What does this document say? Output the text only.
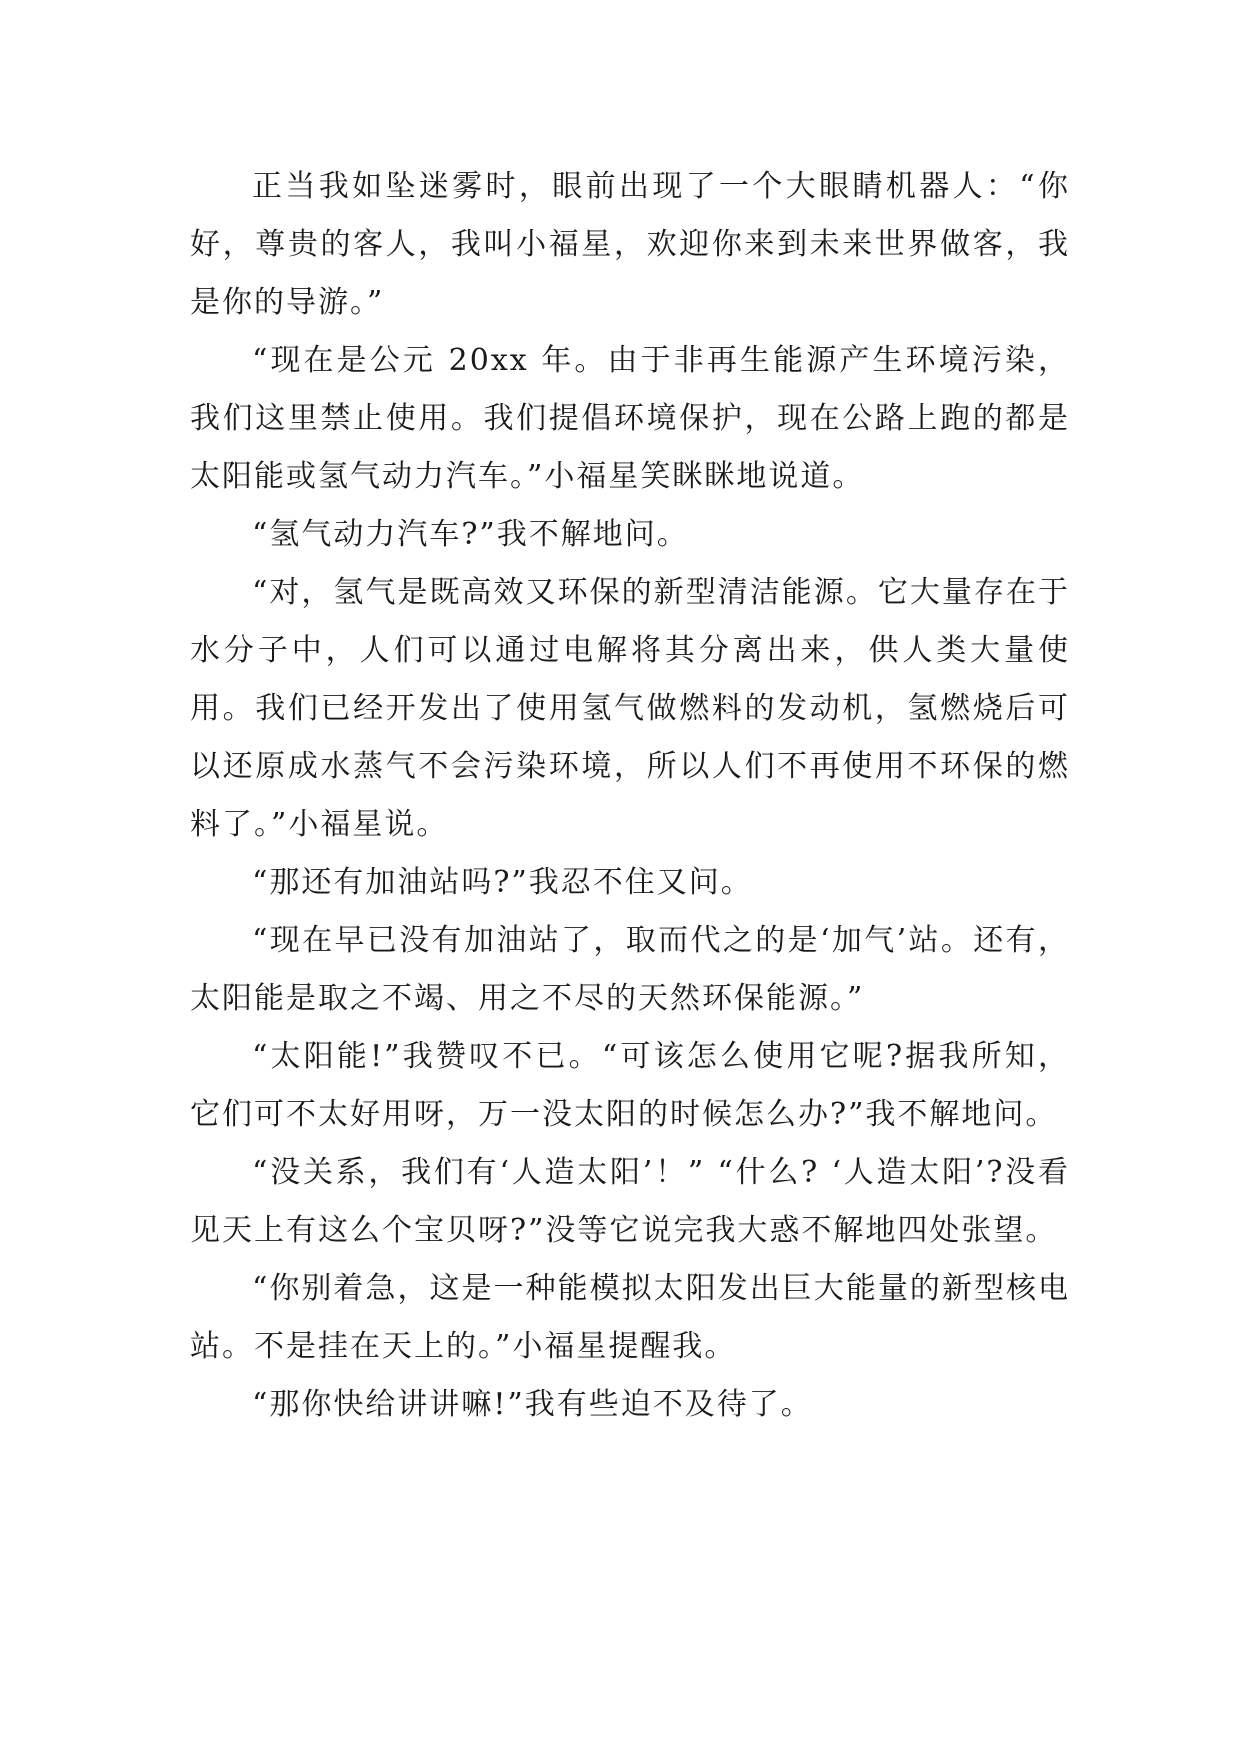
正当我如坠迷雾时，眼前出现了一个大眼睛机器人：“你好，尊贵的客人，我叫小福星，欢迎你来到未来世界做客，我是你的导游。”

“现在是公元 20xx 年。由于非再生能源产生环境污染，我们这里禁止使用。我们提倡环境保护，现在公路上跑的都是太阳能或氢气动力汽车。”小福星笑眯眯地说道。

“氢气动力汽车?”我不解地问。

“对，氢气是既高效又环保的新型清洁能源。它大量存在于水分子中，人们可以通过电解将其分离出来，供人类大量使用。我们已经开发出了使用氢气做燃料的发动机，氢燃烧后可以还原成水蒸气不会污染环境，所以人们不再使用不环保的燃料了。”小福星说。

“那还有加油站吗?”我忍不住又问。

“现在早已没有加油站了，取而代之的是‘加气’站。还有，太阳能是取之不竭、用之不尽的天然环保能源。”

“太阳能!”我赞叹不已。“可该怎么使用它呢?据我所知，它们可不太好用呀，万一没太阳的时候怎么办?”我不解地问。

“没关系，我们有‘人造太阳’！” “什么? ‘人造太阳’?没看见天上有这么个宝贝呀?”没等它说完我大惑不解地四处张望。

“你别着急，这是一种能模拟太阳发出巨大能量的新型核电站。不是挂在天上的。”小福星提醒我。

“那你快给讲讲嘛!”我有些迫不及待了。
